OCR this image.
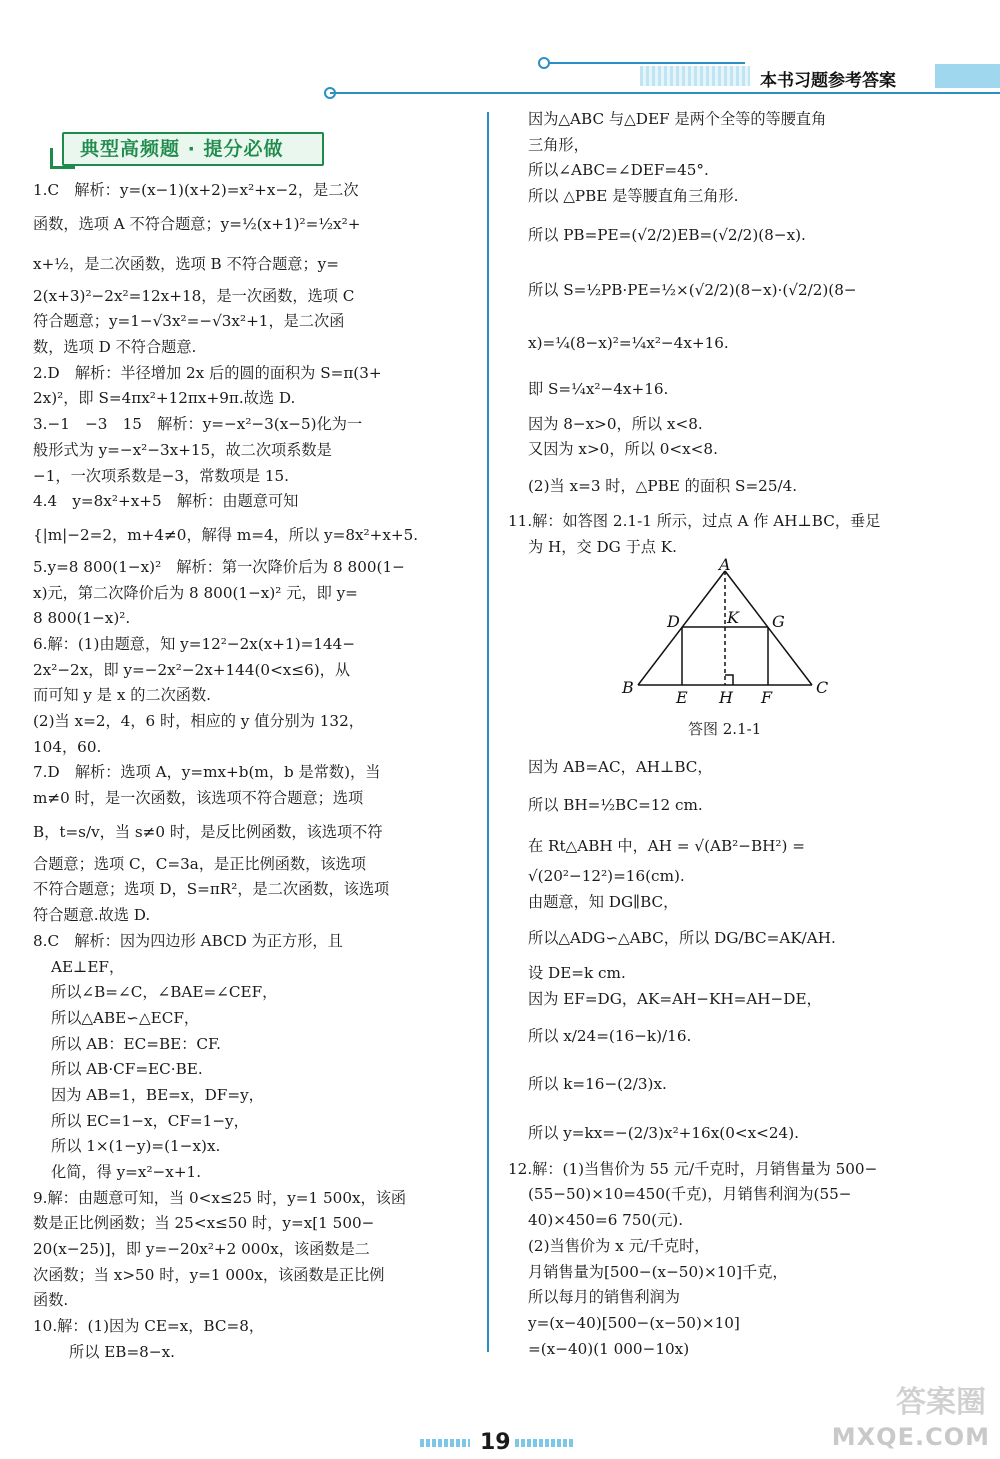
本书习题参考答案
典型高频题 · 提分必做
1.C　解析：y=(x−1)(x+2)=x²+x−2，是二次
函数，选项 A 不符合题意；y=½(x+1)²=½x²+
x+½，是二次函数，选项 B 不符合题意；y=
2(x+3)²−2x²=12x+18，是一次函数，选项 C
符合题意；y=1−√3x²=−√3x²+1，是二次函
数，选项 D 不符合题意.
2.D　解析：半径增加 2x 后的圆的面积为 S=π(3+
2x)²，即 S=4πx²+12πx+9π.故选 D.
3.−1　−3　15　解析：y=−x²−3(x−5)化为一
般形式为 y=−x²−3x+15，故二次项系数是
−1，一次项系数是−3，常数项是 15.
4.4　y=8x²+x+5　解析：由题意可知
{|m|−2=2，m+4≠0，解得 m=4，所以 y=8x²+x+5.
5.y=8 800(1−x)²　解析：第一次降价后为 8 800(1−
x)元，第二次降价后为 8 800(1−x)² 元，即 y=
8 800(1−x)².
6.解：(1)由题意，知 y=12²−2x(x+1)=144−
2x²−2x，即 y=−2x²−2x+144(0<x≤6)，从
而可知 y 是 x 的二次函数.
(2)当 x=2，4，6 时，相应的 y 值分别为 132，
104，60.
7.D　解析：选项 A，y=mx+b(m，b 是常数)，当
m≠0 时，是一次函数，该选项不符合题意；选项
B，t=s/v，当 s≠0 时，是反比例函数，该选项不符
合题意；选项 C，C=3a，是正比例函数，该选项
不符合题意；选项 D，S=πR²，是二次函数，该选项
符合题意.故选 D.
8.C　解析：因为四边形 ABCD 为正方形，且
AE⊥EF，
所以∠B=∠C，∠BAE=∠CEF，
所以△ABE∽△ECF，
所以 AB：EC=BE：CF.
所以 AB·CF=EC·BE.
因为 AB=1，BE=x，DF=y，
所以 EC=1−x，CF=1−y，
所以 1×(1−y)=(1−x)x.
化简，得 y=x²−x+1.
9.解：由题意可知，当 0<x≤25 时，y=1 500x，该函
数是正比例函数；当 25<x≤50 时，y=x[1 500−
20(x−25)]，即 y=−20x²+2 000x，该函数是二
次函数；当 x>50 时，y=1 000x，该函数是正比例
函数.
10.解：(1)因为 CE=x，BC=8，
所以 EB=8−x.
因为△ABC 与△DEF 是两个全等的等腰直角
三角形，
所以∠ABC=∠DEF=45°.
所以 △PBE 是等腰直角三角形.
所以 PB=PE=(√2/2)EB=(√2/2)(8−x).
所以 S=½PB·PE=½×(√2/2)(8−x)·(√2/2)(8−
x)=¼(8−x)²=¼x²−4x+16.
即 S=¼x²−4x+16.
因为 8−x>0，所以 x<8.
又因为 x>0，所以 0<x<8.
(2)当 x=3 时，△PBE 的面积 S=25/4.
11.解：如答图 2.1-1 所示，过点 A 作 AH⊥BC，垂足
为 H，交 DG 于点 K.
A
B	C
D
E	F
G
H
K
答图 2.1-1
因为 AB=AC，AH⊥BC，
所以 BH=½BC=12 cm.
在 Rt△ABH 中，AH = √(AB²−BH²) =
√(20²−12²)=16(cm).
由题意，知 DG∥BC，
所以△ADG∽△ABC，所以 DG/BC=AK/AH.
设 DE=k cm.
因为 EF=DG，AK=AH−KH=AH−DE，
所以 x/24=(16−k)/16.
所以 k=16−(2/3)x.
所以 y=kx=−(2/3)x²+16x(0<x<24).
12.解：(1)当售价为 55 元/千克时，月销售量为 500−
(55−50)×10=450(千克)，月销售利润为(55−
40)×450=6 750(元).
(2)当售价为 x 元/千克时，
月销售量为[500−(x−50)×10]千克，
所以每月的销售利润为
y=(x−40)[500−(x−50)×10]
=(x−40)(1 000−10x)
19
答案圈
MXQE.COM
